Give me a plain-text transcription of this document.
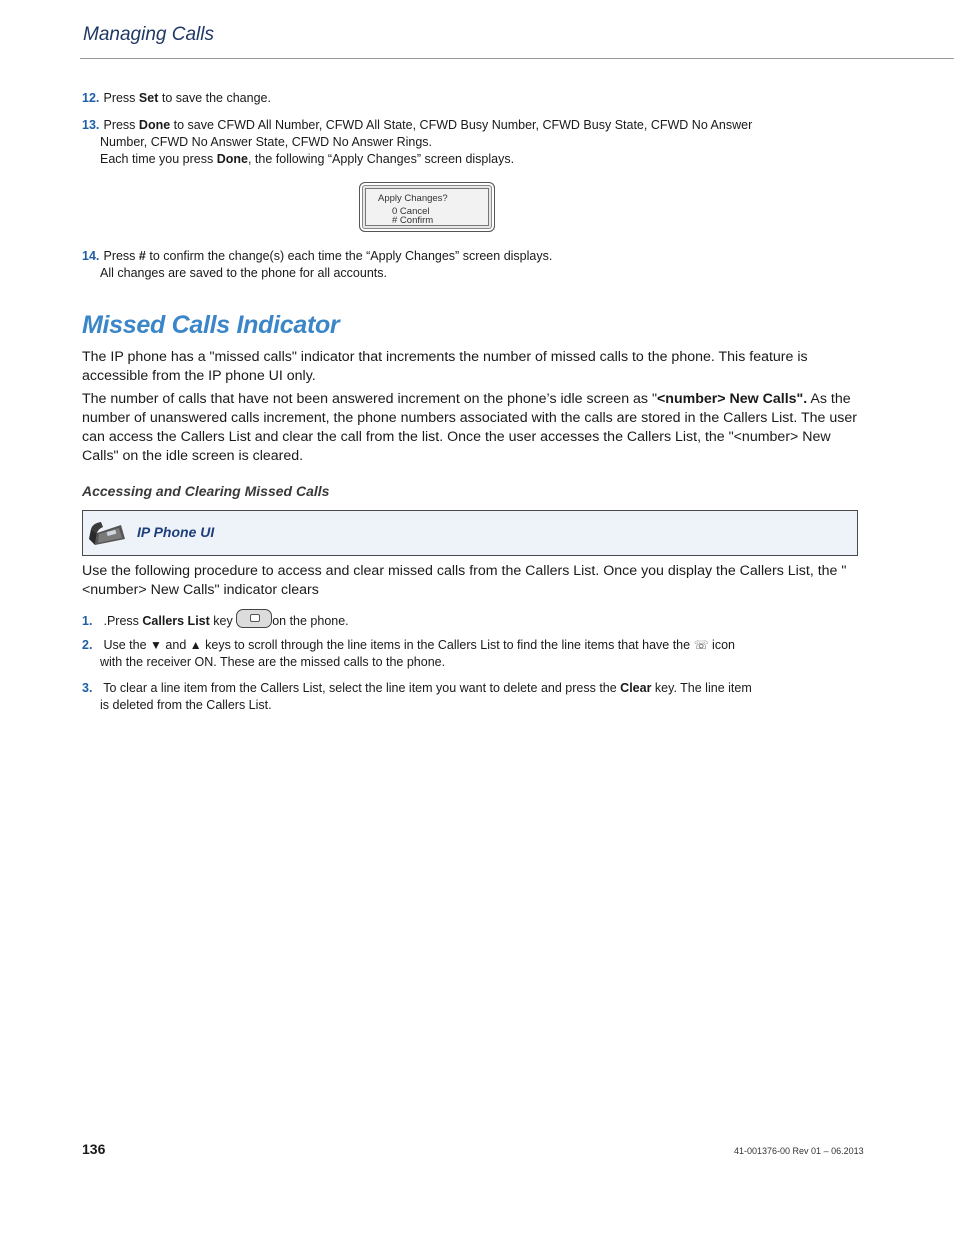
Managing Calls
12. Press Set to save the change.
13. Press Done to save CFWD All Number, CFWD All State, CFWD Busy Number, CFWD Busy State, CFWD No Answer
Number, CFWD No Answer State, CFWD No Answer Rings.
Each time you press Done, the following “Apply Changes” screen displays.
Apply Changes?
0 Cancel
# Confirm
14. Press # to confirm the change(s) each time the “Apply Changes” screen displays.
All changes are saved to the phone for all accounts.
Missed Calls Indicator
The IP phone has a "missed calls" indicator that increments the number of missed calls to the phone. This feature is accessible from the IP phone UI only.
The number of calls that have not been answered increment on the phone’s idle screen as "<number> New Calls". As the number of unanswered calls increment, the phone numbers associated with the calls are stored in the Callers List. The user can access the Callers List and clear the call from the list. Once the user accesses the Callers List, the "<number> New Calls" on the idle screen is cleared.
Accessing and Clearing Missed Calls
IP Phone UI
Use the following procedure to access and clear missed calls from the Callers List. Once you display the Callers List, the "<number> New Calls" indicator clears
1. .Press Callers List key	on the phone.
2. Use the ▼ and ▲ keys to scroll through the line items in the Callers List to find the line items that have the ☏ icon
with the receiver ON. These are the missed calls to the phone.
3. To clear a line item from the Callers List, select the line item you want to delete and press the Clear key. The line item
is deleted from the Callers List.
136	41-001376-00 Rev 01 – 06.2013
